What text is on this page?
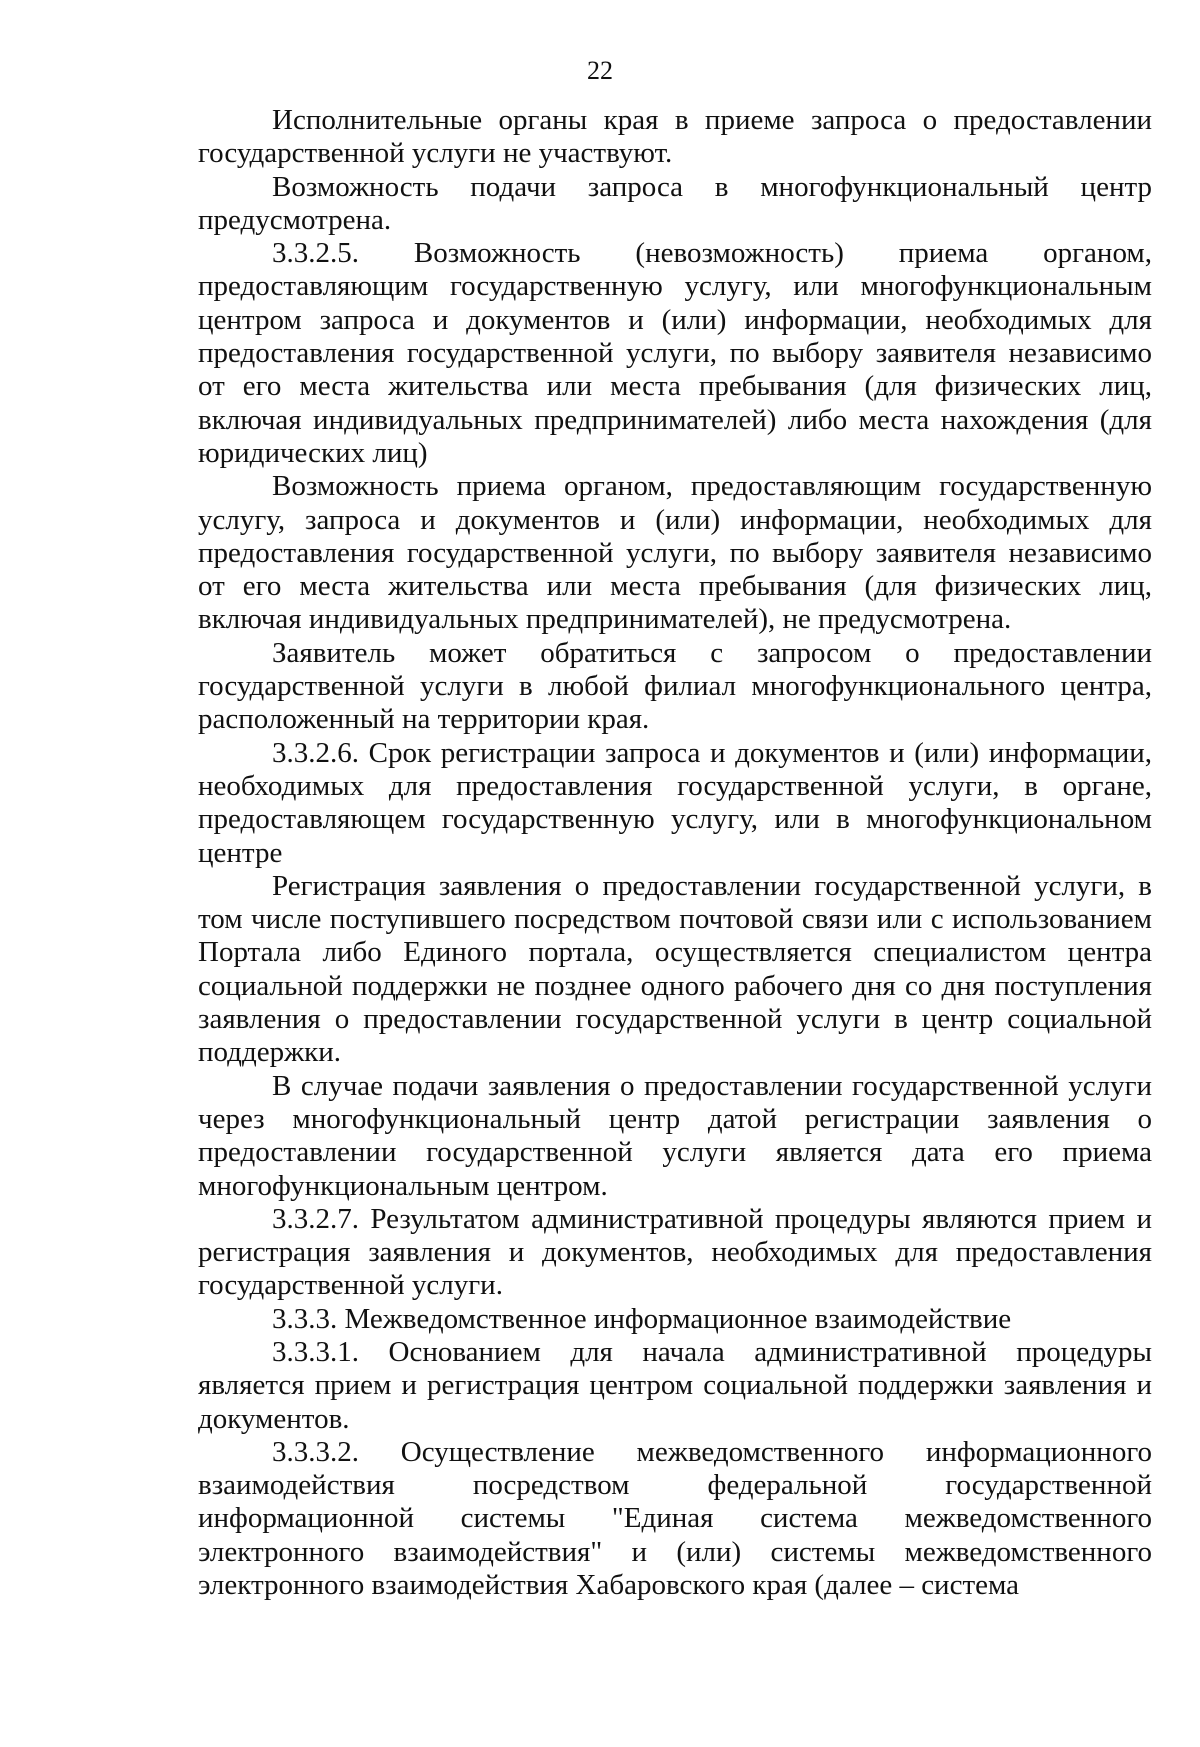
22

Исполнительные органы края в приеме запроса о предоставлении государственной услуги не участвуют.

Возможность подачи запроса в многофункциональный центр предусмотрена.

3.3.2.5. Возможность (невозможность) приема органом, предоставляющим государственную услугу, или многофункциональным центром запроса и документов и (или) информации, необходимых для предоставления государственной услуги, по выбору заявителя независимо от его места жительства или места пребывания (для физических лиц, включая индивидуальных предпринимателей) либо места нахождения (для юридических лиц)

Возможность приема органом, предоставляющим государственную услугу, запроса и документов и (или) информации, необходимых для предоставления государственной услуги, по выбору заявителя независимо от его места жительства или места пребывания (для физических лиц, включая индивидуальных предпринимателей), не предусмотрена.

Заявитель может обратиться с запросом о предоставлении государственной услуги в любой филиал многофункционального центра, расположенный на территории края.

3.3.2.6. Срок регистрации запроса и документов и (или) информации, необходимых для предоставления государственной услуги, в органе, предоставляющем государственную услугу, или в многофункциональном центре

Регистрация заявления о предоставлении государственной услуги, в том числе поступившего посредством почтовой связи или с использованием Портала либо Единого портала, осуществляется специалистом центра социальной поддержки не позднее одного рабочего дня со дня поступления заявления о предоставлении государственной услуги в центр социальной поддержки.

В случае подачи заявления о предоставлении государственной услуги через многофункциональный центр датой регистрации заявления о предоставлении государственной услуги является дата его приема многофункциональным центром.

3.3.2.7. Результатом административной процедуры являются прием и регистрация заявления и документов, необходимых для предоставления государственной услуги.

3.3.3. Межведомственное информационное взаимодействие

3.3.3.1. Основанием для начала административной процедуры является прием и регистрация центром социальной поддержки заявления и документов.

3.3.3.2. Осуществление межведомственного информационного взаимодействия посредством федеральной государственной информационной системы "Единая система межведомственного электронного взаимодействия" и (или) системы межведомственного электронного взаимодействия Хабаровского края (далее – система
